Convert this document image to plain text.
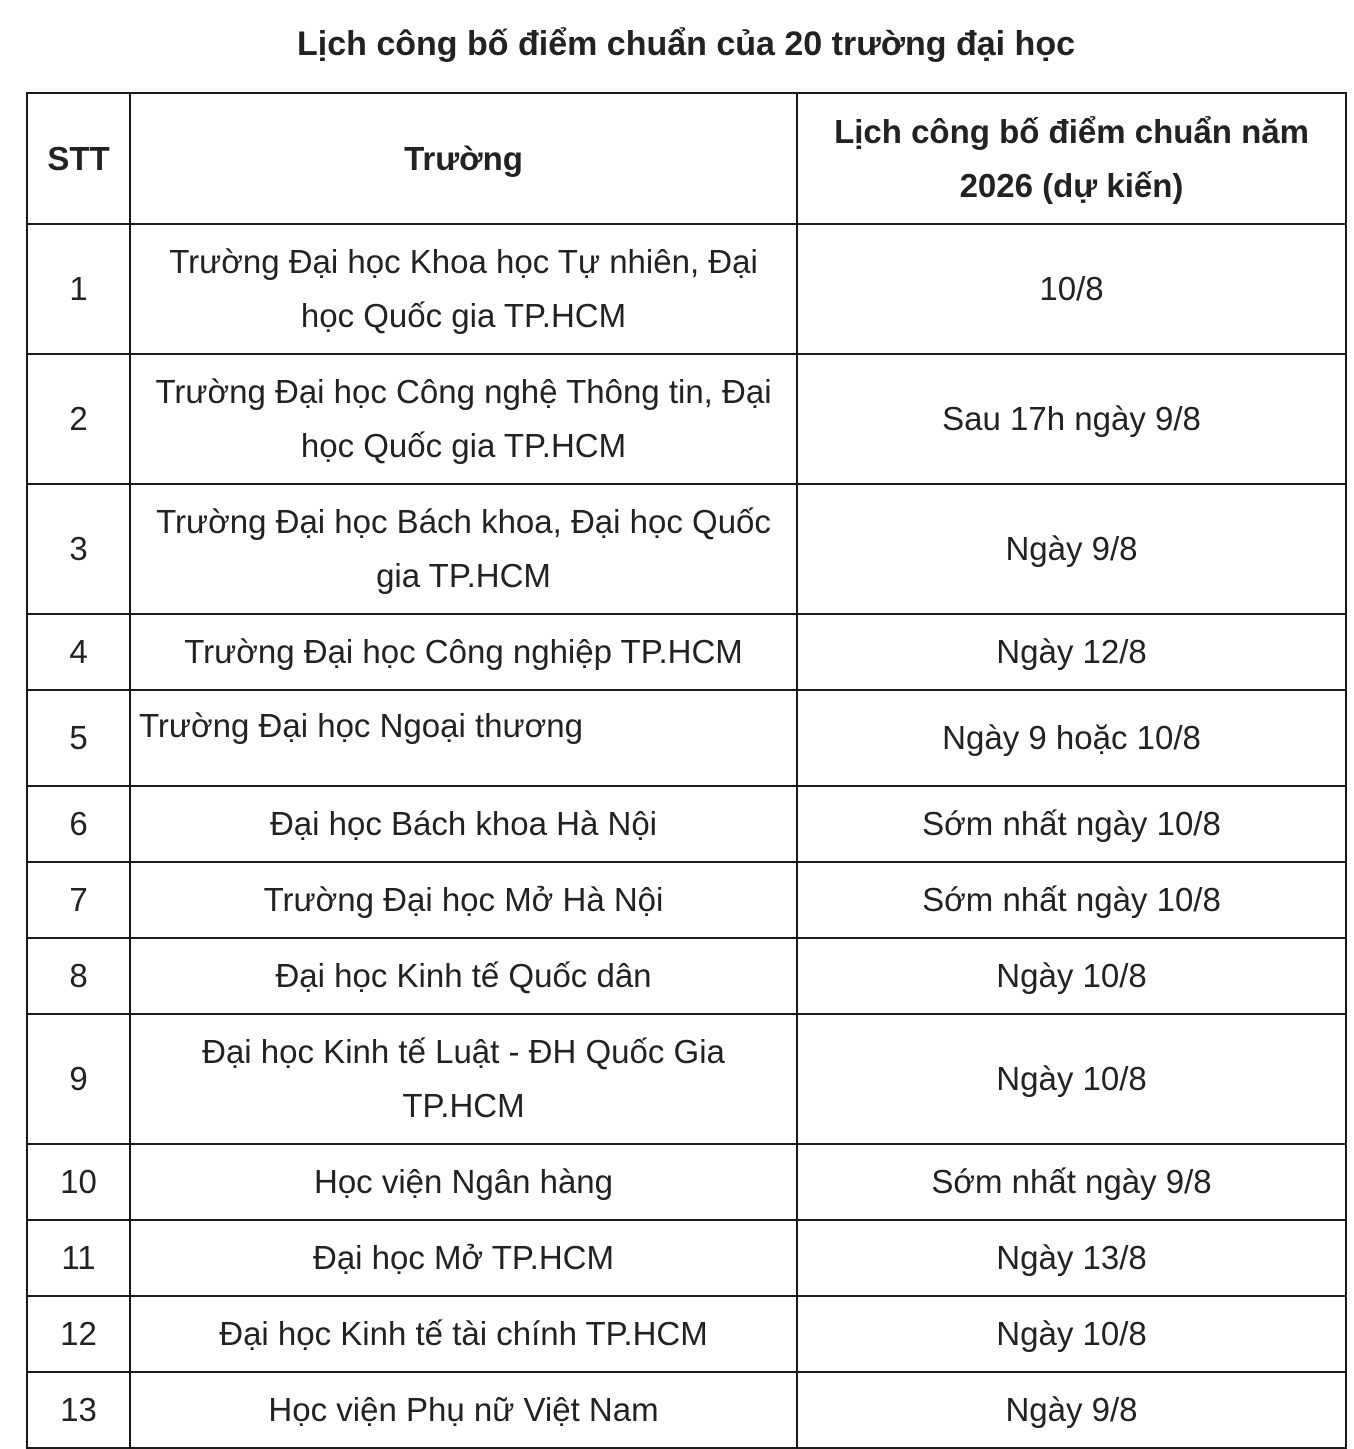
Lịch công bố điểm chuẩn của 20 trường đại học
STT	Trường	Lịch công bố điểm chuẩn năm 2026 (dự kiến)
1	Trường Đại học Khoa học Tự nhiên, Đại học Quốc gia TP.HCM	10/8
2	Trường Đại học Công nghệ Thông tin, Đại học Quốc gia TP.HCM	Sau 17h ngày 9/8
3	Trường Đại học Bách khoa, Đại học Quốc gia TP.HCM	Ngày 9/8
4	Trường Đại học Công nghiệp TP.HCM	Ngày 12/8
5	Trường Đại học Ngoại thương	Ngày 9 hoặc 10/8
6	Đại học Bách khoa Hà Nội	Sớm nhất ngày 10/8
7	Trường Đại học Mở Hà Nội	Sớm nhất ngày 10/8
8	Đại học Kinh tế Quốc dân	Ngày 10/8
9	Đại học Kinh tế Luật - ĐH Quốc Gia TP.HCM	Ngày 10/8
10	Học viện Ngân hàng	Sớm nhất ngày 9/8
11	Đại học Mở TP.HCM	Ngày 13/8
12	Đại học Kinh tế tài chính TP.HCM	Ngày 10/8
13	Học viện Phụ nữ Việt Nam	Ngày 9/8
